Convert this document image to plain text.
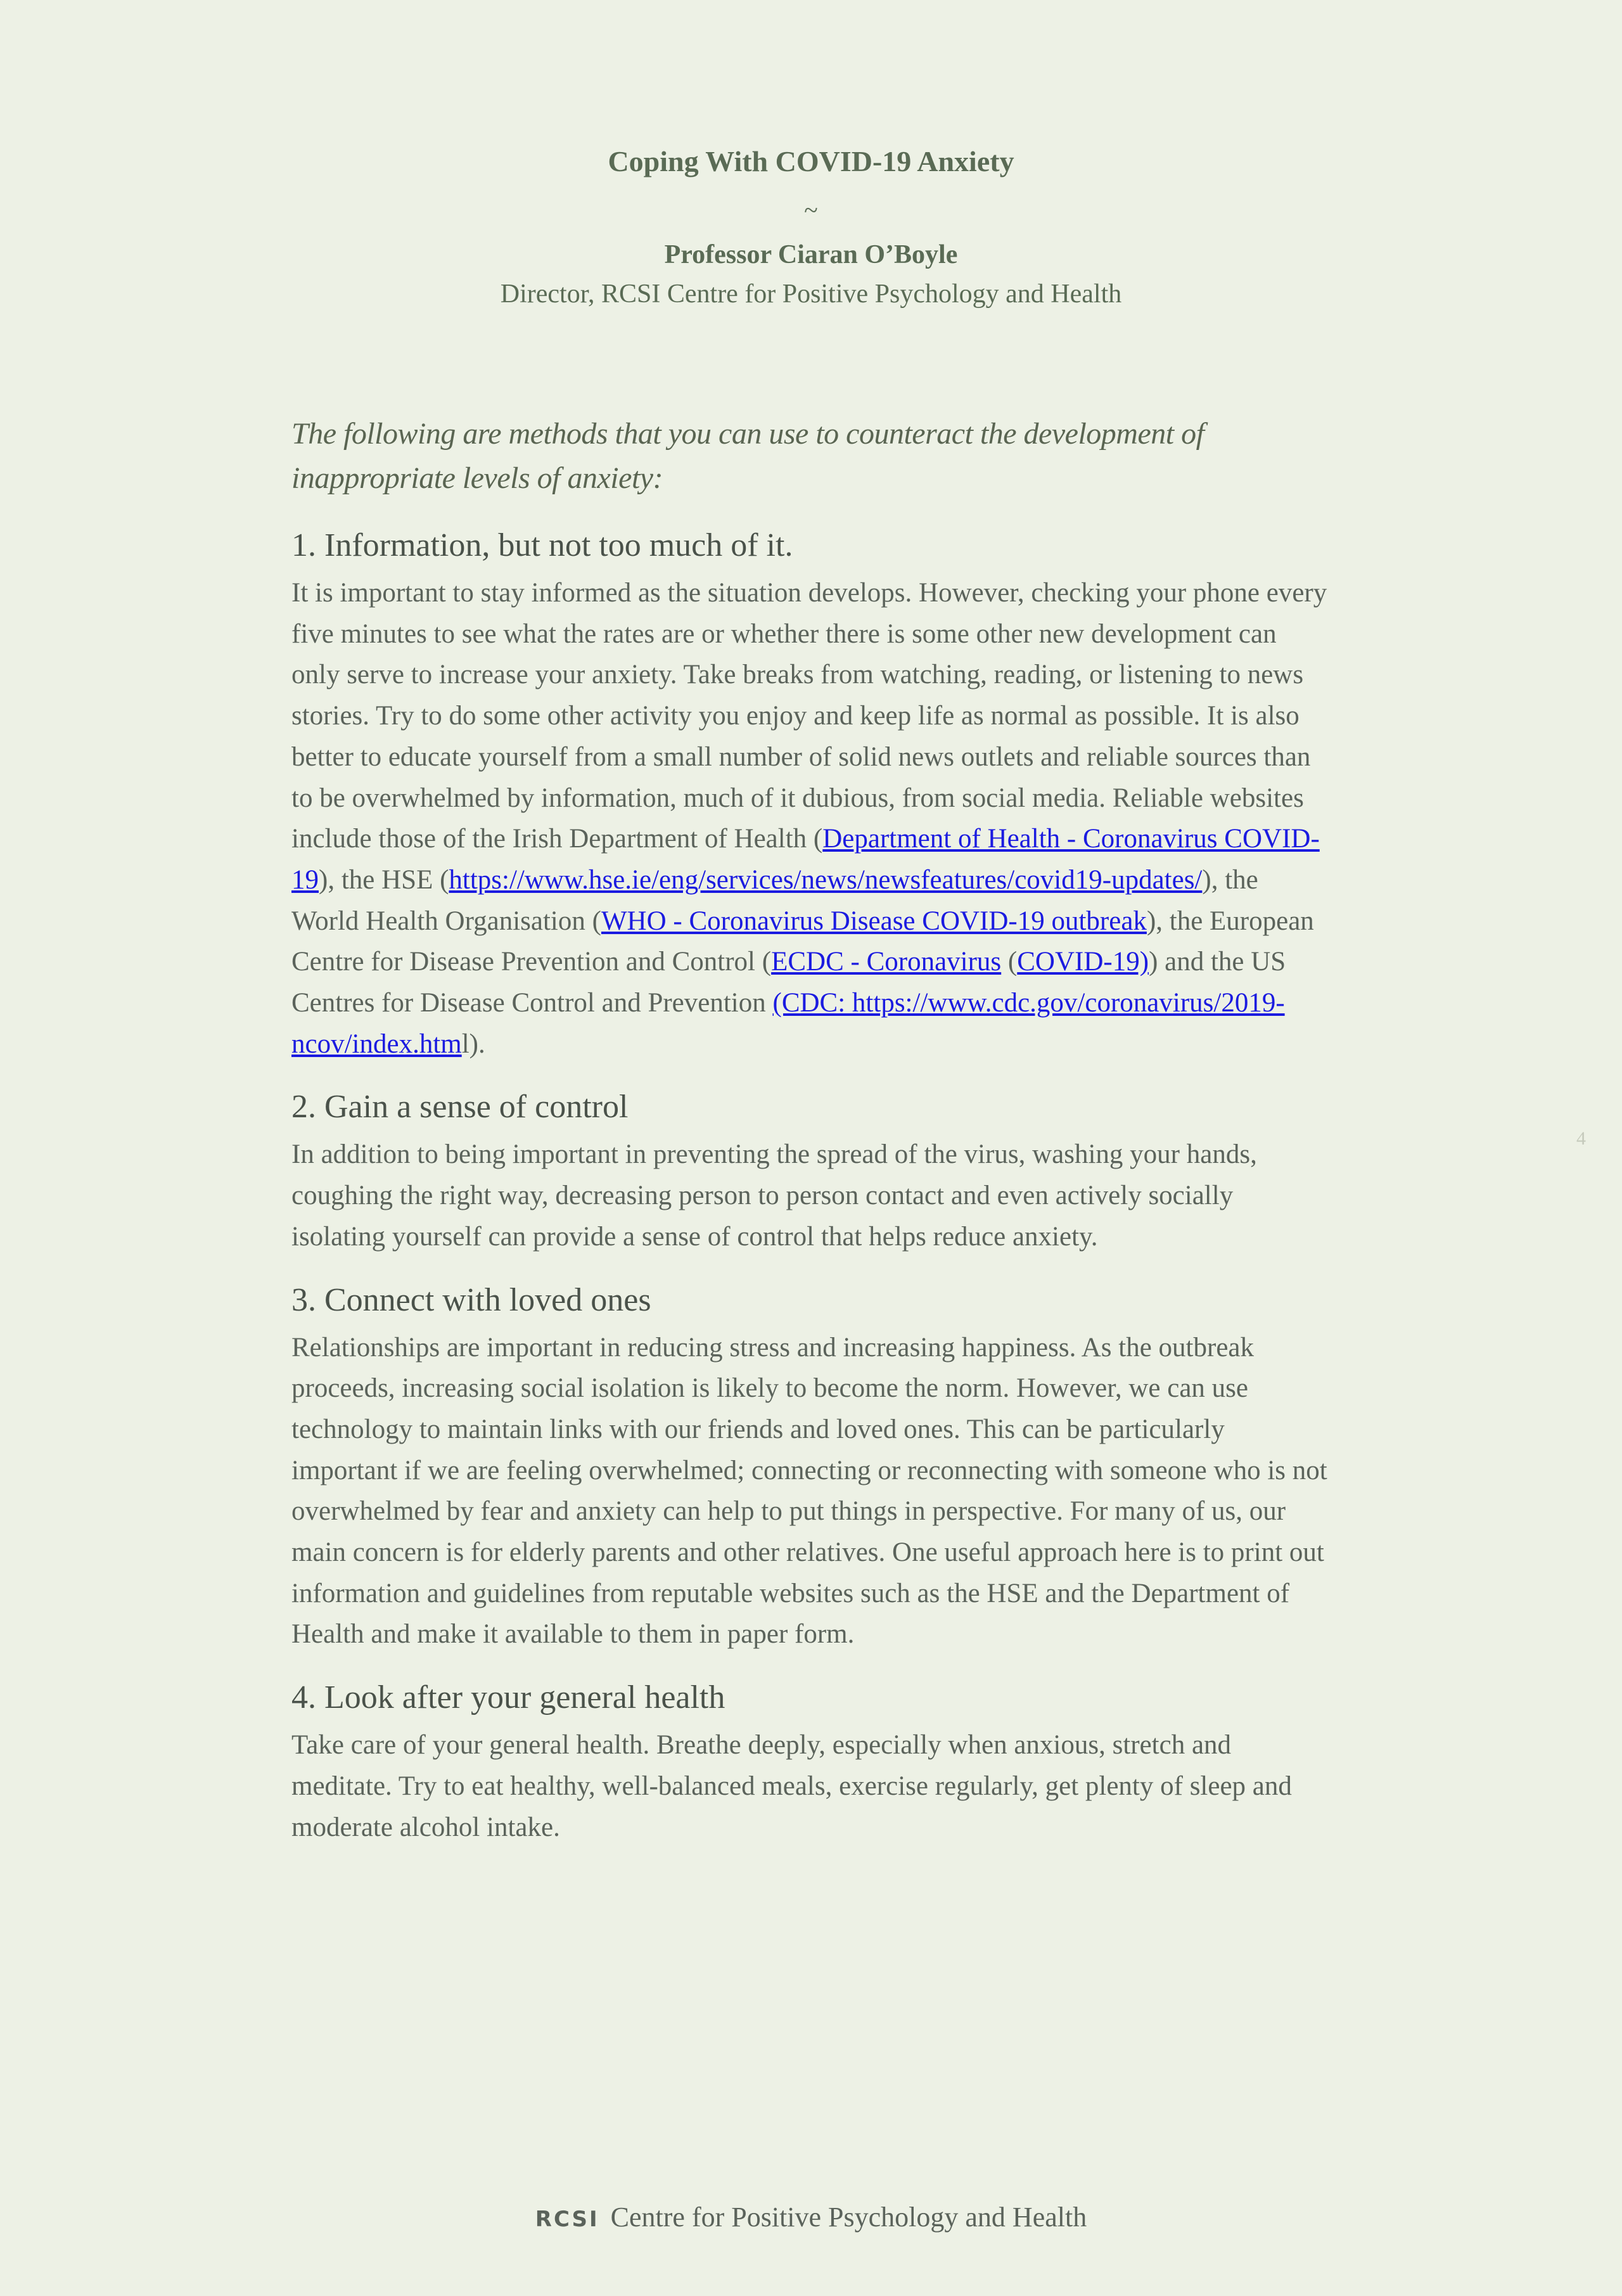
Coping With COVID-19 Anxiety
~
Professor Ciaran O’Boyle
Director, RCSI Centre for Positive Psychology and Health

The following are methods that you can use to counteract the development of inappropriate levels of anxiety:

1. Information, but not too much of it.

It is important to stay informed as the situation develops. However, checking your phone every five minutes to see what the rates are or whether there is some other new development can only serve to increase your anxiety. Take breaks from watching, reading, or listening to news stories. Try to do some other activity you enjoy and keep life as normal as possible. It is also better to educate yourself from a small number of solid news outlets and reliable sources than to be overwhelmed by information, much of it dubious, from social media. Reliable websites include those of the Irish Department of Health (Department of Health - Coronavirus COVID-19), the HSE (https://www.hse.ie/eng/services/news/newsfeatures/covid19-updates/), the World Health Organisation (WHO - Coronavirus Disease COVID-19 outbreak), the European Centre for Disease Prevention and Control (ECDC - Coronavirus (COVID-19)) and the US Centres for Disease Control and Prevention (CDC: https://www.cdc.gov/coronavirus/2019-ncov/index.html).

2. Gain a sense of control

In addition to being important in preventing the spread of the virus, washing your hands, coughing the right way, decreasing person to person contact and even actively socially isolating yourself can provide a sense of control that helps reduce anxiety.

3. Connect with loved ones

Relationships are important in reducing stress and increasing happiness. As the outbreak proceeds, increasing social isolation is likely to become the norm. However, we can use technology to maintain links with our friends and loved ones. This can be particularly important if we are feeling overwhelmed; connecting or reconnecting with someone who is not overwhelmed by fear and anxiety can help to put things in perspective. For many of us, our main concern is for elderly parents and other relatives. One useful approach here is to print out information and guidelines from reputable websites such as the HSE and the Department of Health and make it available to them in paper form.

4. Look after your general health

Take care of your general health. Breathe deeply, especially when anxious, stretch and meditate. Try to eat healthy, well-balanced meals, exercise regularly, get plenty of sleep and moderate alcohol intake.

4
RCSI Centre for Positive Psychology and Health
